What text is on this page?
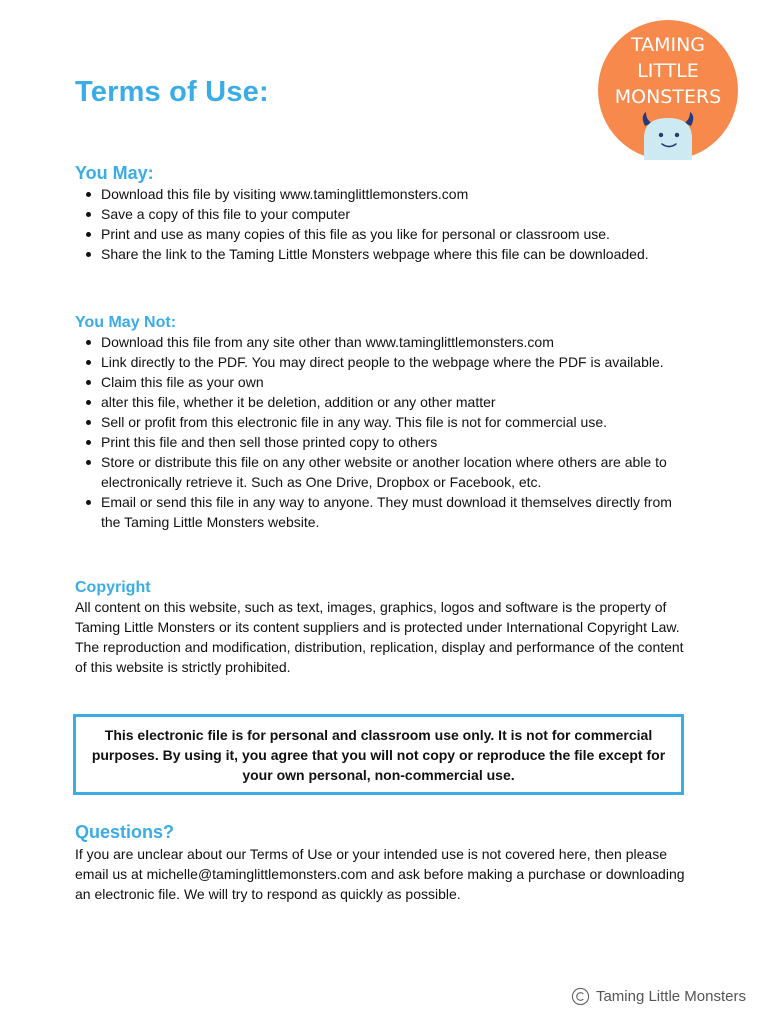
Terms of Use:
TAMING
LITTLE
MONSTERS
You May:
Download this file by visiting www.taminglittlemonsters.com
Save a copy of this file to your computer
Print and use as many copies of this file as you like for personal or classroom use.
Share the link to the Taming Little Monsters webpage where this file can be downloaded.
You May Not:
Download this file from any site other than www.taminglittlemonsters.com
Link directly to the PDF. You may direct people to the webpage where the PDF is available.
Claim this file as your own
alter this file, whether it be deletion, addition or any other matter
Sell or profit from this electronic file in any way. This file is not for commercial use.
Print this file and then sell those printed copy to others
Store or distribute this file on any other website or another location where others are able to electronically retrieve it. Such as One Drive, Dropbox or Facebook, etc.
Email or send this file in any way to anyone. They must download it themselves directly from the Taming Little Monsters website.
Copyright

All content on this website, such as text, images, graphics, logos and software is the property of Taming Little Monsters or its content suppliers and is protected under International Copyright Law. The reproduction and modification, distribution, replication, display and performance of the content of this website is strictly prohibited.

This electronic file is for personal and classroom use only. It is not for commercial purposes. By using it, you agree that you will not copy or reproduce the file except for your own personal, non-commercial use.

Questions?

If you are unclear about our Terms of Use or your intended use is not covered here, then please email us at michelle@taminglittlemonsters.com and ask before making a purchase or downloading an electronic file. We will try to respond as quickly as possible.

Taming Little Monsters
